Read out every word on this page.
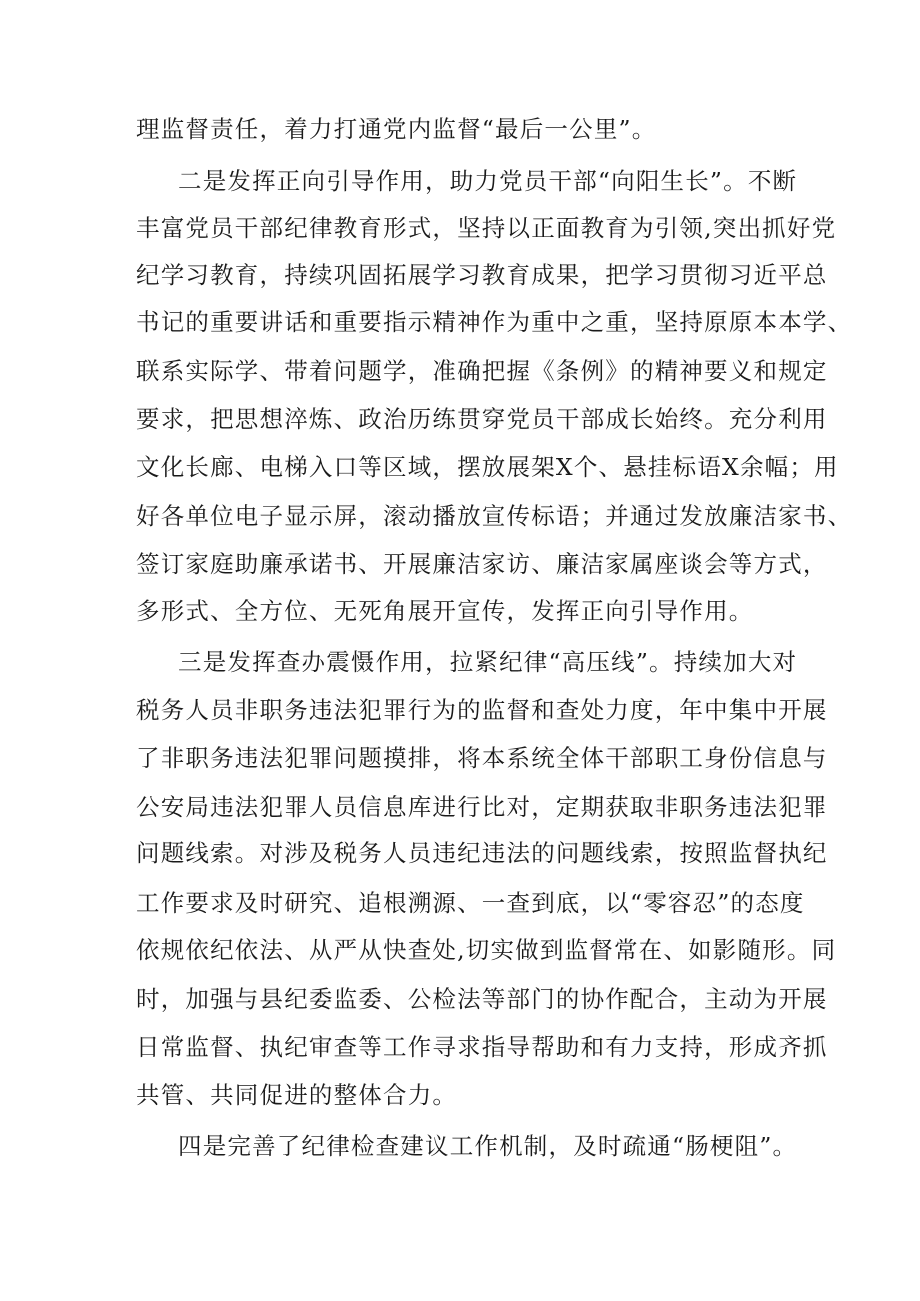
理监督责任，着力打通党内监督“最后一公里”。
二是发挥正向引导作用，助力党员干部“向阳生长”。不断
丰富党员干部纪律教育形式，坚持以正面教育为引领,突出抓好党
纪学习教育，持续巩固拓展学习教育成果，把学习贯彻习近平总
书记的重要讲话和重要指示精神作为重中之重，坚持原原本本学、
联系实际学、带着问题学，准确把握《条例》的精神要义和规定
要求，把思想淬炼、政治历练贯穿党员干部成长始终。充分利用
文化长廊、电梯入口等区域，摆放展架X个、悬挂标语X余幅；用
好各单位电子显示屏，滚动播放宣传标语；并通过发放廉洁家书、
签订家庭助廉承诺书、开展廉洁家访、廉洁家属座谈会等方式，
多形式、全方位、无死角展开宣传，发挥正向引导作用。
三是发挥查办震慑作用，拉紧纪律“高压线”。持续加大对
税务人员非职务违法犯罪行为的监督和查处力度，年中集中开展
了非职务违法犯罪问题摸排，将本系统全体干部职工身份信息与
公安局违法犯罪人员信息库进行比对，定期获取非职务违法犯罪
问题线索。对涉及税务人员违纪违法的问题线索，按照监督执纪
工作要求及时研究、追根溯源、一查到底，以“零容忍”的态度
依规依纪依法、从严从快查处,切实做到监督常在、如影随形。同
时，加强与县纪委监委、公检法等部门的协作配合，主动为开展
日常监督、执纪审查等工作寻求指导帮助和有力支持，形成齐抓
共管、共同促进的整体合力。
四是完善了纪律检查建议工作机制，及时疏通“肠梗阻”。
